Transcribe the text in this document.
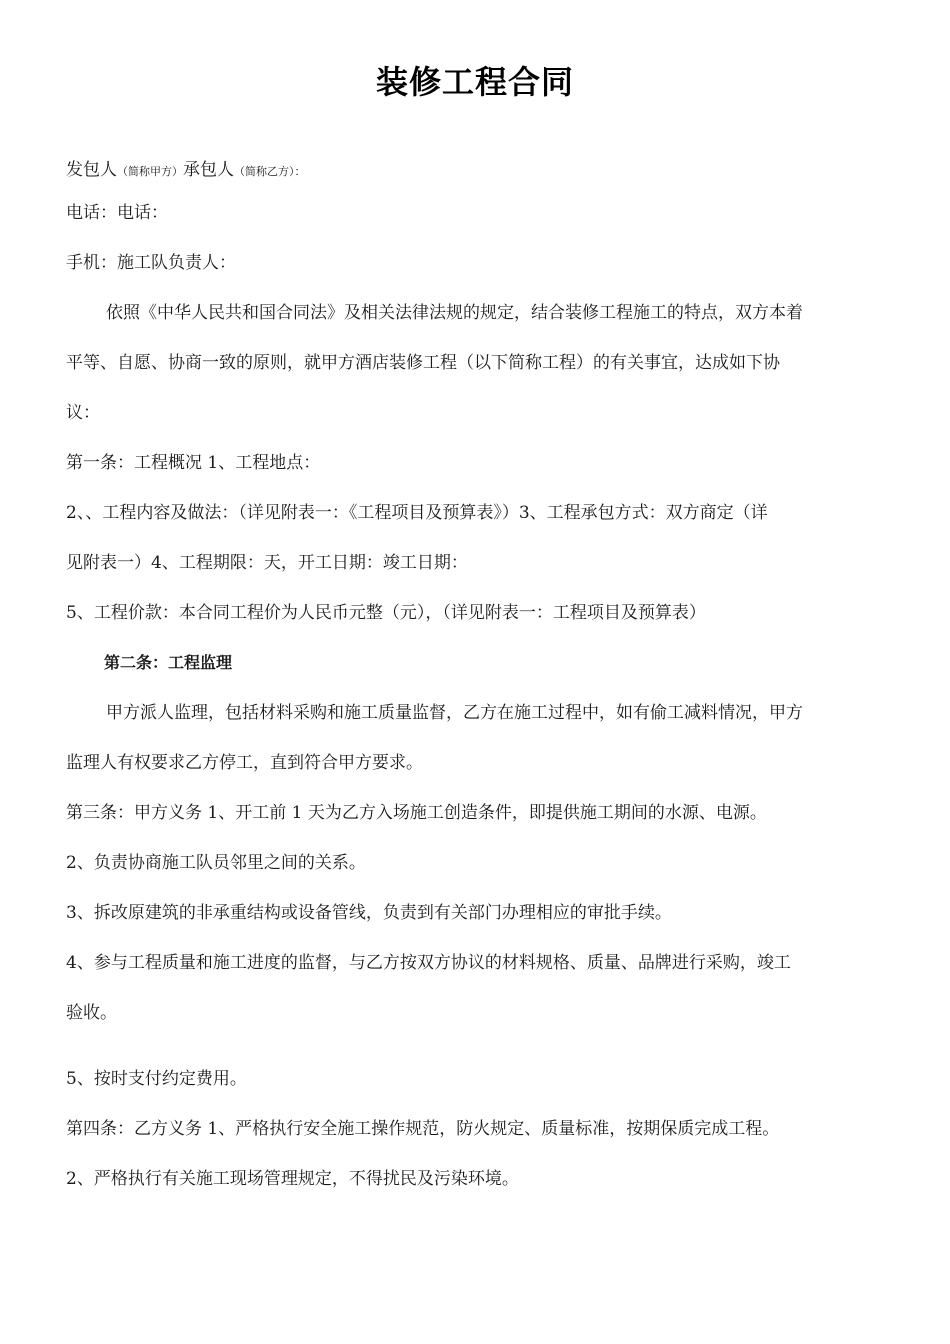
装修工程合同
发包人（简称甲方）承包人（简称乙方）：
电话：电话：
手机：施工队负责人：
依照《中华人民共和国合同法》及相关法律法规的规定，结合装修工程施工的特点，双方本着
平等、自愿、协商一致的原则，就甲方酒店装修工程（以下简称工程）的有关事宜，达成如下协
议：
第一条：工程概况 1、工程地点：
2、、工程内容及做法：（详见附表一：《工程项目及预算表》）3、工程承包方式：双方商定（详
见附表一）4、工程期限：天，开工日期：竣工日期：
5、工程价款：本合同工程价为人民币元整（元），（详见附表一：工程项目及预算表）
第二条：工程监理
甲方派人监理，包括材料采购和施工质量监督，乙方在施工过程中，如有偷工减料情况，甲方
监理人有权要求乙方停工，直到符合甲方要求。
第三条：甲方义务 1、开工前 1 天为乙方入场施工创造条件，即提供施工期间的水源、电源。
2、负责协商施工队员邻里之间的关系。
3、拆改原建筑的非承重结构或设备管线，负责到有关部门办理相应的审批手续。
4、参与工程质量和施工进度的监督，与乙方按双方协议的材料规格、质量、品牌进行采购，竣工
验收。
5、按时支付约定费用。
第四条：乙方义务 1、严格执行安全施工操作规范，防火规定、质量标准，按期保质完成工程。
2、严格执行有关施工现场管理规定，不得扰民及污染环境。
